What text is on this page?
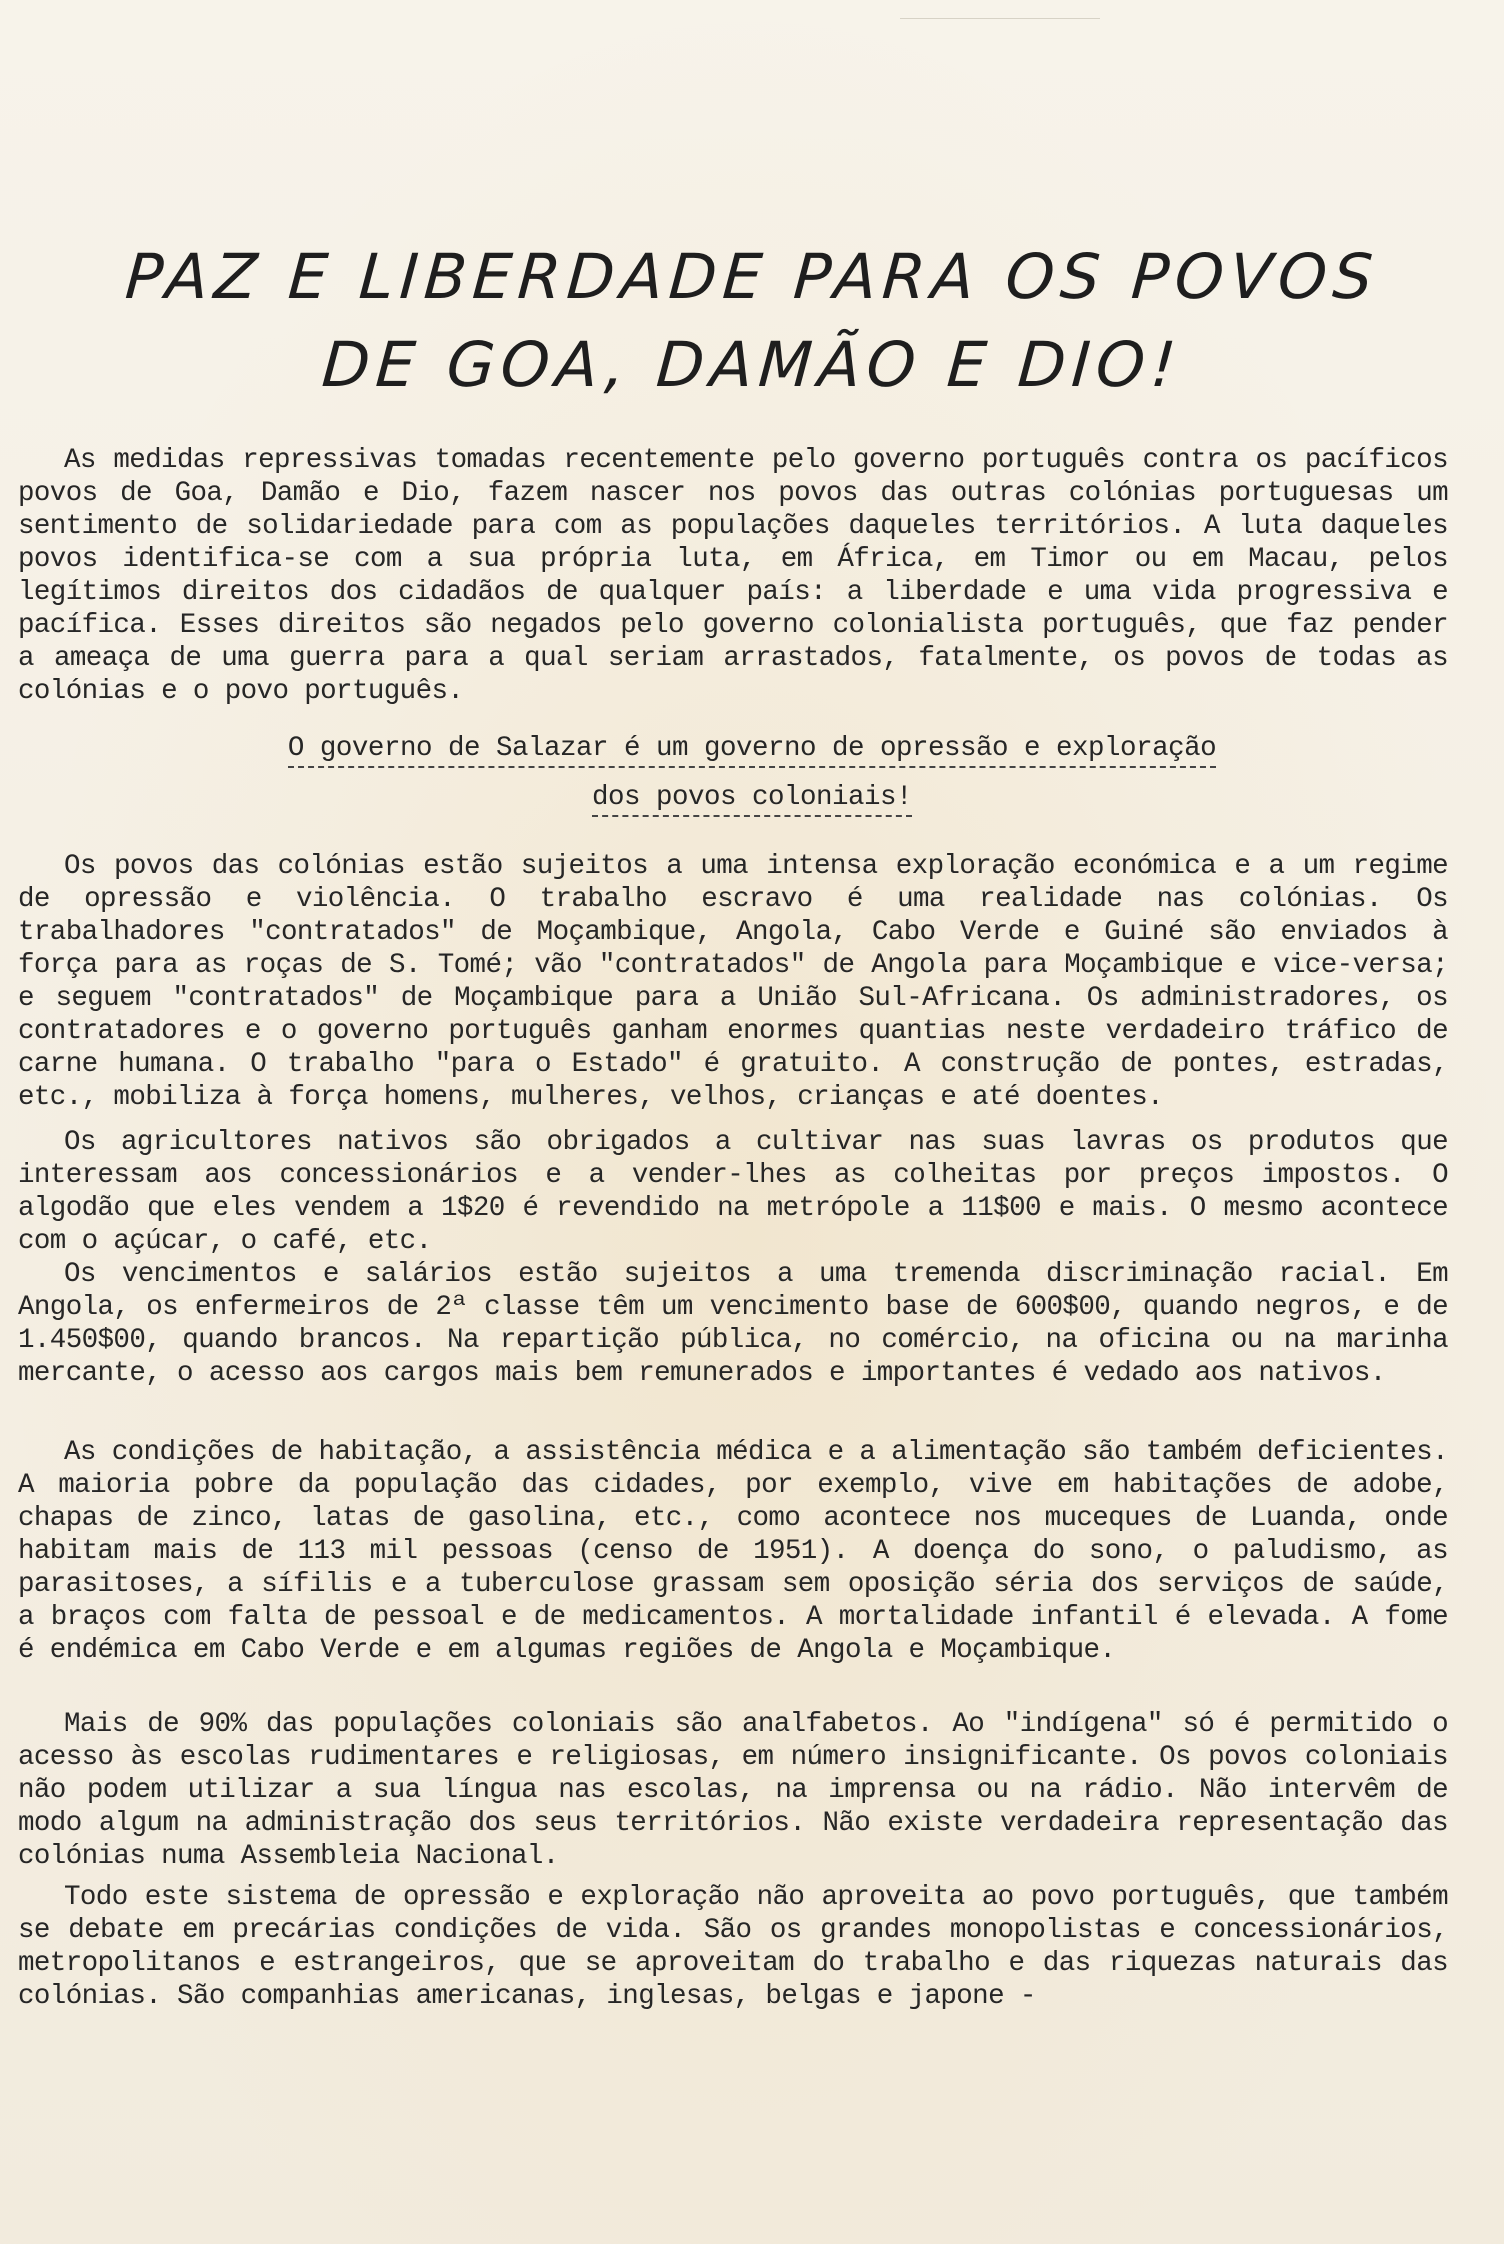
PAZ E LIBERDADE PARA OS POVOS
DE GOA, DAMÃO E DIO!

As medidas repressivas tomadas recentemente pelo governo português contra os pacíficos povos de Goa, Damão e Dio, fazem nascer nos povos das outras colónias portuguesas um sentimento de solidariedade para com as populações daqueles territórios. A luta daqueles povos identifica-se com a sua própria luta, em África, em Timor ou em Macau, pelos legítimos direitos dos cidadãos de qualquer país: a liberdade e uma vida progressiva e pacífica. Esses direitos são negados pelo governo colonialista português, que faz pender a ameaça de uma guerra para a qual seriam arrastados, fatalmente, os povos de todas as colónias e o povo português.

O governo de Salazar é um governo de opressão e exploração
dos povos coloniais!

Os povos das colónias estão sujeitos a uma intensa exploração económica e a um regime de opressão e violência. O trabalho escravo é uma realidade nas colónias. Os trabalhadores "contratados" de Moçambique, Angola, Cabo Verde e Guiné são enviados à força para as roças de S. Tomé; vão "contratados" de Angola para Moçambique e vice-versa; e seguem "contratados" de Moçambique para a União Sul-Africana. Os administradores, os contratadores e o governo português ganham enormes quantias neste verdadeiro tráfico de carne humana. O trabalho "para o Estado" é gratuito. A construção de pontes, estradas, etc., mobiliza à força homens, mulheres, velhos, crianças e até doentes.

Os agricultores nativos são obrigados a cultivar nas suas lavras os produtos que interessam aos concessionários e a vender-lhes as colheitas por preços impostos. O algodão que eles vendem a 1$20 é revendido na metrópole a 11$00 e mais. O mesmo acontece com o açúcar, o café, etc.

Os vencimentos e salários estão sujeitos a uma tremenda discriminação racial. Em Angola, os enfermeiros de 2ª classe têm um vencimento base de 600$00, quando negros, e de 1.450$00, quando brancos. Na repartição pública, no comércio, na oficina ou na marinha mercante, o acesso aos cargos mais bem remunerados e importantes é vedado aos nativos.

As condições de habitação, a assistência médica e a alimentação são também deficientes. A maioria pobre da população das cidades, por exemplo, vive em habitações de adobe, chapas de zinco, latas de gasolina, etc., como acontece nos muceques de Luanda, onde habitam mais de 113 mil pessoas (censo de 1951). A doença do sono, o paludismo, as parasitoses, a sífilis e a tuberculose grassam sem oposição séria dos serviços de saúde, a braços com falta de pessoal e de medicamentos. A mortalidade infantil é elevada. A fome é endémica em Cabo Verde e em algumas regiões de Angola e Moçambique.

Mais de 90% das populações coloniais são analfabetos. Ao "indígena" só é permitido o acesso às escolas rudimentares e religiosas, em número insignificante. Os povos coloniais não podem utilizar a sua língua nas escolas, na imprensa ou na rádio. Não intervêm de modo algum na administração dos seus territórios. Não existe verdadeira representação das colónias numa Assembleia Nacional.

Todo este sistema de opressão e exploração não aproveita ao povo português, que também se debate em precárias condições de vida. São os grandes monopolistas e concessionários, metropolitanos e estrangeiros, que se aproveitam do trabalho e das riquezas naturais das colónias. São companhias americanas, inglesas, belgas e japone -
